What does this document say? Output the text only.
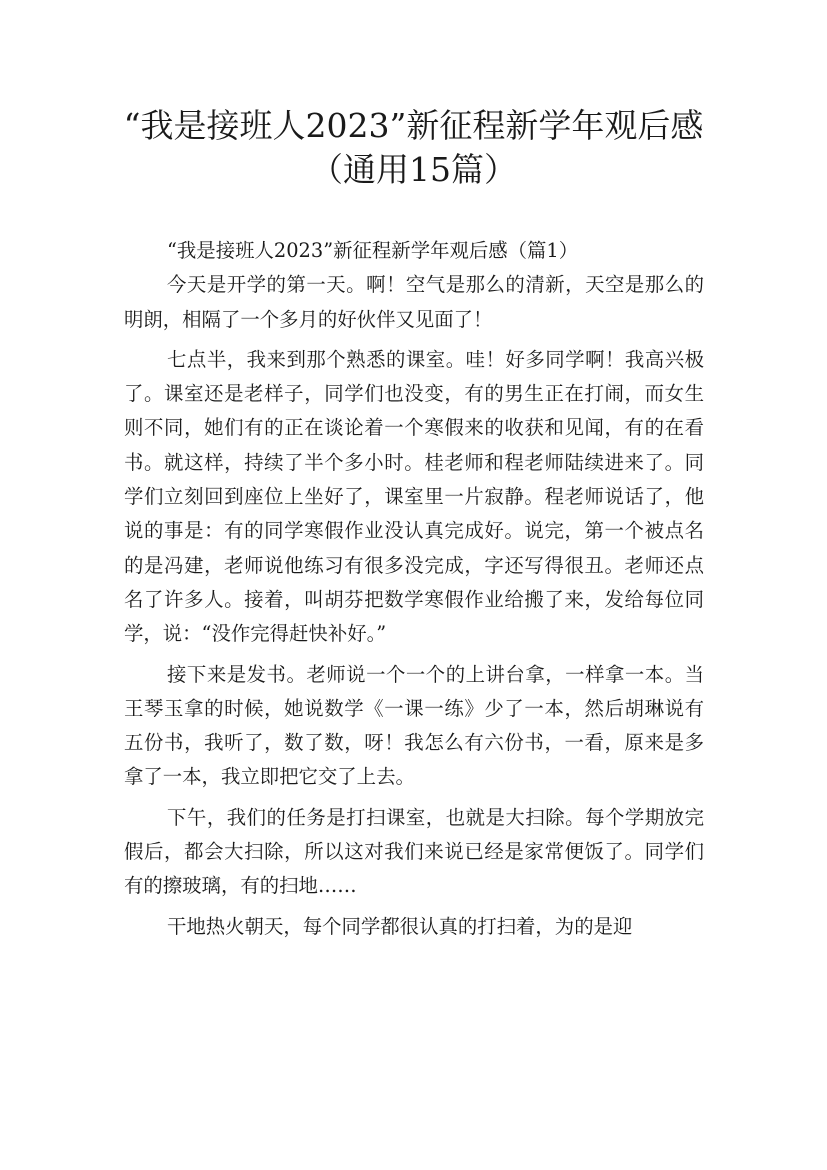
“我是接班人2023”新征程新学年观后感
（通用15篇）

“我是接班人2023”新征程新学年观后感（篇1）

今天是开学的第一天。啊！空气是那么的清新，天空是那么的明朗，相隔了一个多月的好伙伴又见面了！

七点半，我来到那个熟悉的课室。哇！好多同学啊！我高兴极了。课室还是老样子，同学们也没变，有的男生正在打闹，而女生则不同，她们有的正在谈论着一个寒假来的收获和见闻，有的在看书。就这样，持续了半个多小时。桂老师和程老师陆续进来了。同学们立刻回到座位上坐好了，课室里一片寂静。程老师说话了，他说的事是：有的同学寒假作业没认真完成好。说完，第一个被点名的是冯建，老师说他练习有很多没完成，字还写得很丑。老师还点名了许多人。接着，叫胡芬把数学寒假作业给搬了来，发给每位同学，说：“没作完得赶快补好。”

接下来是发书。老师说一个一个的上讲台拿，一样拿一本。当王琴玉拿的时候，她说数学《一课一练》少了一本，然后胡琳说有五份书，我听了，数了数，呀！我怎么有六份书，一看，原来是多拿了一本，我立即把它交了上去。

下午，我们的任务是打扫课室，也就是大扫除。每个学期放完假后，都会大扫除，所以这对我们来说已经是家常便饭了。同学们有的擦玻璃，有的扫地……

干地热火朝天，每个同学都很认真的打扫着，为的是迎
